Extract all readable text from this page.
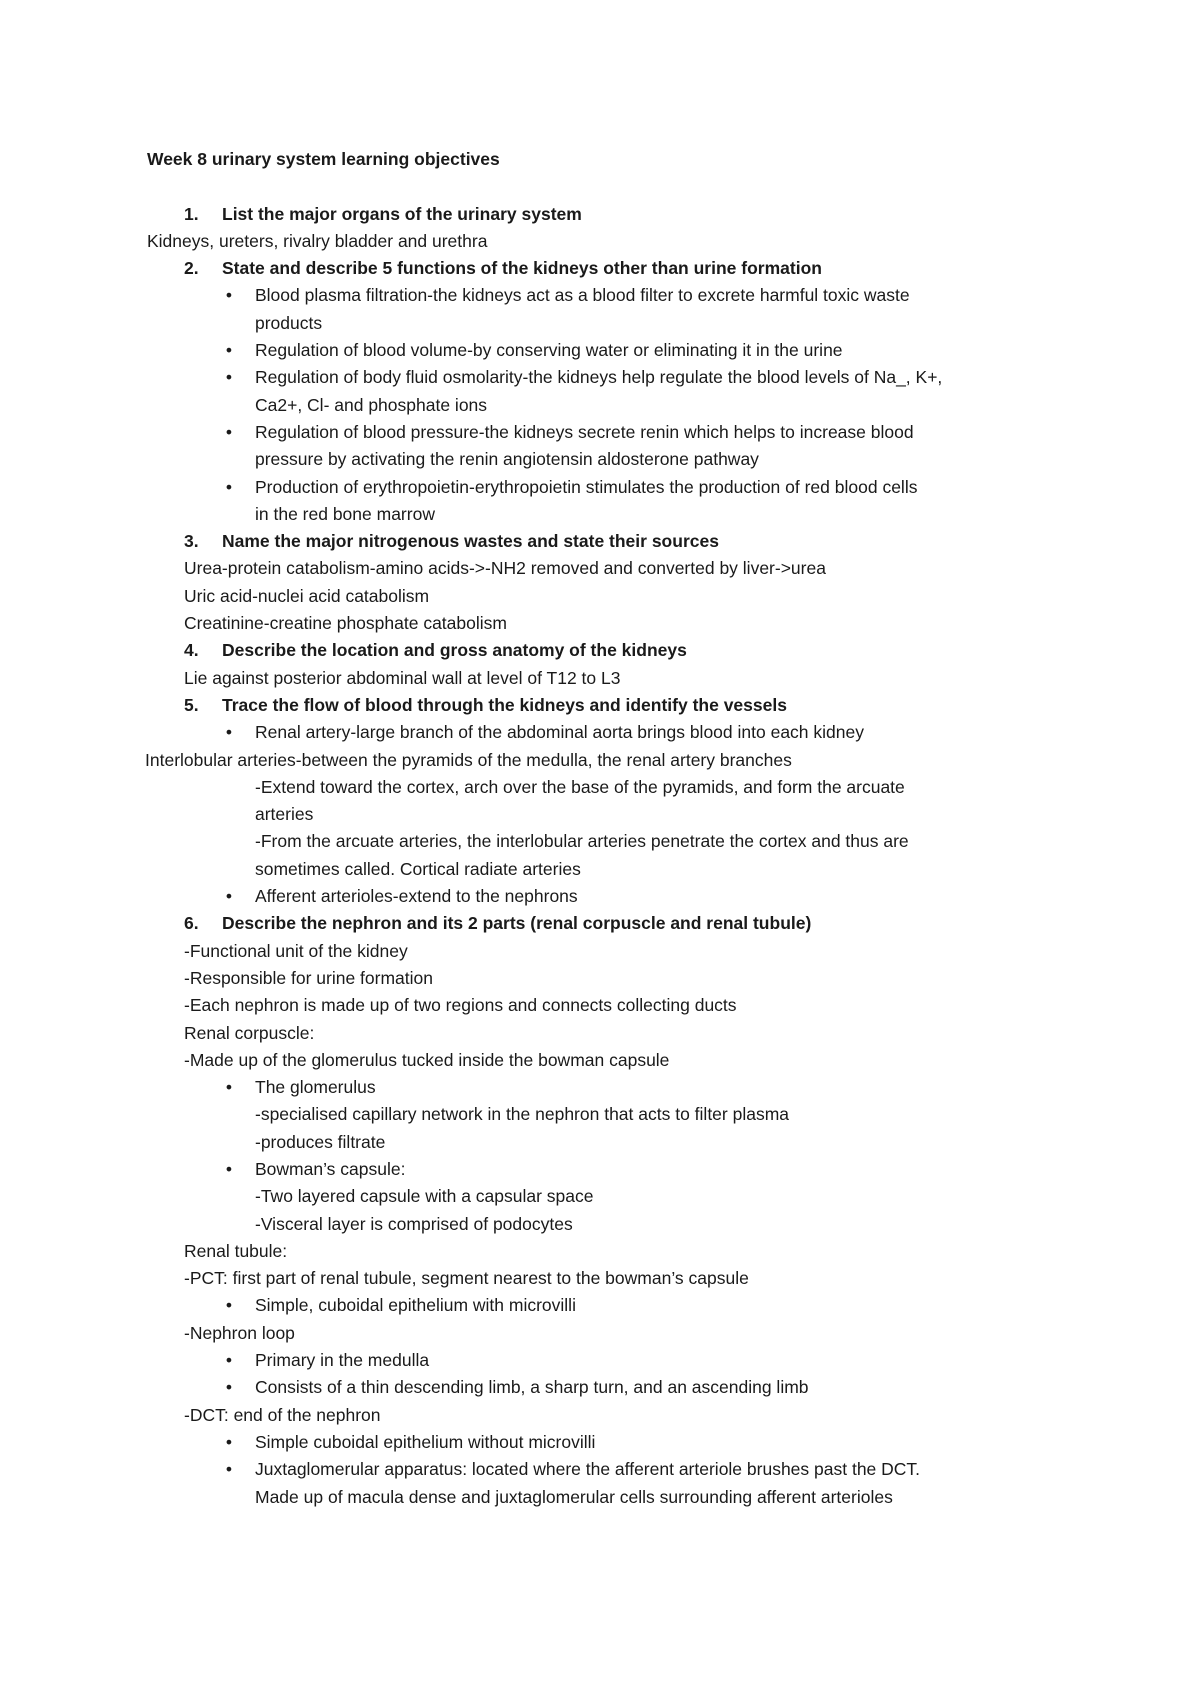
Week 8 urinary system learning objectives
1. List the major organs of the urinary system
Kidneys, ureters, rivalry bladder and urethra
2. State and describe 5 functions of the kidneys other than urine formation
•	Blood plasma filtration-the kidneys act as a blood filter to excrete harmful toxic waste
products
•	Regulation of blood volume-by conserving water or eliminating it in the urine
•	Regulation of body fluid osmolarity-the kidneys help regulate the blood levels of Na_, K+,
Ca2+, Cl- and phosphate ions
•	Regulation of blood pressure-the kidneys secrete renin which helps to increase blood
pressure by activating the renin angiotensin aldosterone pathway
•	Production of erythropoietin-erythropoietin stimulates the production of red blood cells
in the red bone marrow
3. Name the major nitrogenous wastes and state their sources
Urea-protein catabolism-amino acids->-NH2 removed and converted by liver->urea
Uric acid-nuclei acid catabolism
Creatinine-creatine phosphate catabolism
4. Describe the location and gross anatomy of the kidneys
Lie against posterior abdominal wall at level of T12 to L3
5. Trace the flow of blood through the kidneys and identify the vessels
•	Renal artery-large branch of the abdominal aorta brings blood into each kidney
Interlobular arteries-between the pyramids of the medulla, the renal artery branches
-Extend toward the cortex, arch over the base of the pyramids, and form the arcuate
arteries
-From the arcuate arteries, the interlobular arteries penetrate the cortex and thus are
sometimes called. Cortical radiate arteries
•	Afferent arterioles-extend to the nephrons
6. Describe the nephron and its 2 parts (renal corpuscle and renal tubule)
-Functional unit of the kidney
-Responsible for urine formation
-Each nephron is made up of two regions and connects collecting ducts
Renal corpuscle:
-Made up of the glomerulus tucked inside the bowman capsule
•	The glomerulus
-specialised capillary network in the nephron that acts to filter plasma
-produces filtrate
•	Bowman’s capsule:
-Two layered capsule with a capsular space
-Visceral layer is comprised of podocytes
Renal tubule:
-PCT: first part of renal tubule, segment nearest to the bowman’s capsule
•	Simple, cuboidal epithelium with microvilli
-Nephron loop
•	Primary in the medulla
•	Consists of a thin descending limb, a sharp turn, and an ascending limb
-DCT: end of the nephron
•	Simple cuboidal epithelium without microvilli
•	Juxtaglomerular apparatus: located where the afferent arteriole brushes past the DCT.
Made up of macula dense and juxtaglomerular cells surrounding afferent arterioles
